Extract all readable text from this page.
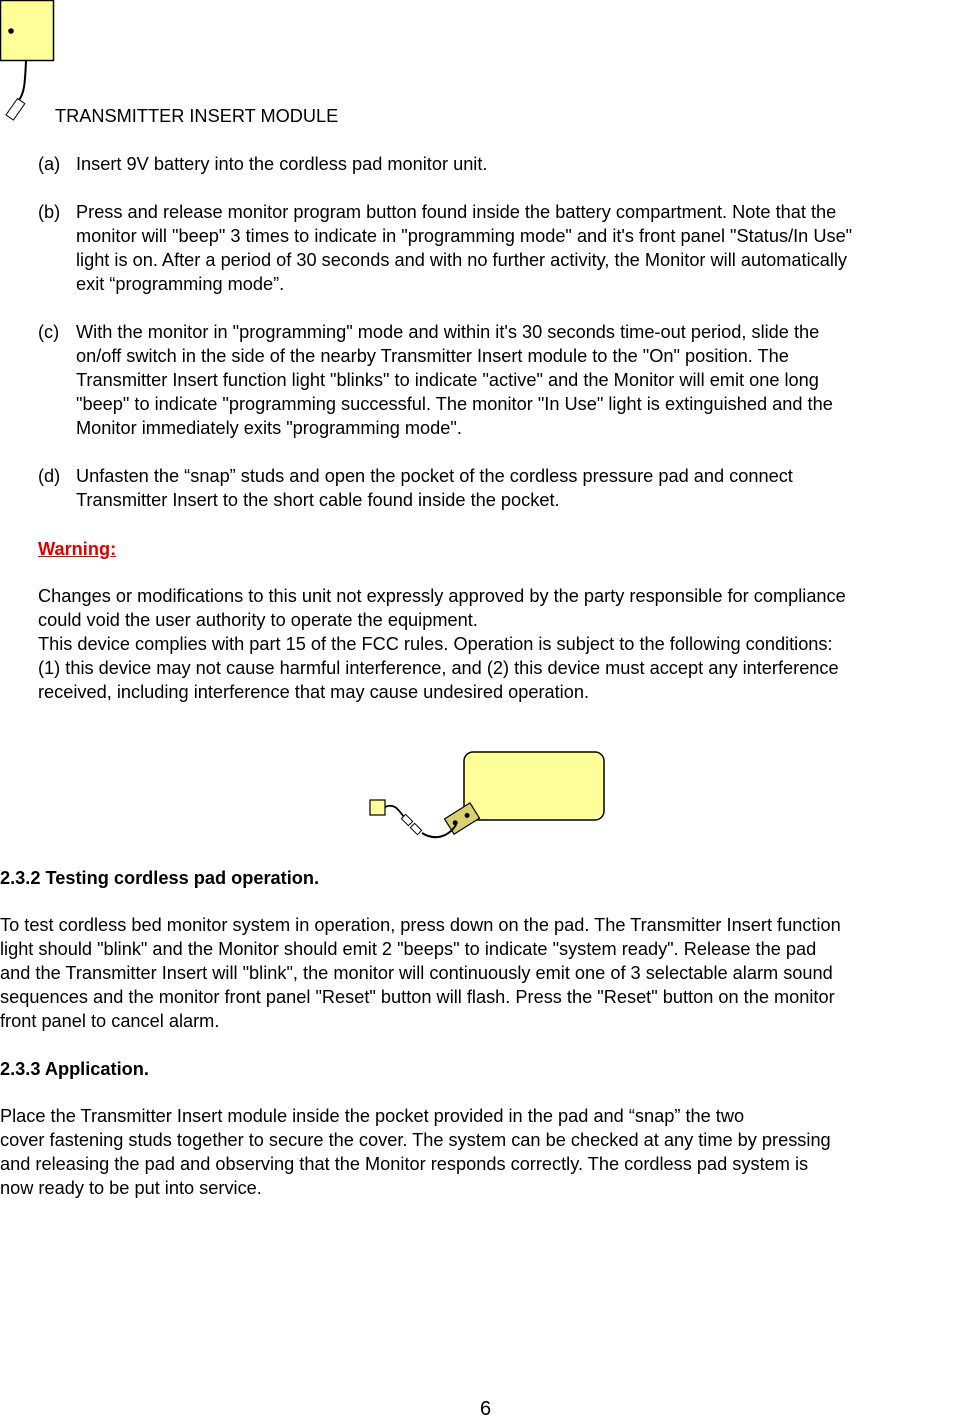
TRANSMITTER INSERT MODULE
(a) Insert 9V battery into the cordless pad monitor unit.
(b) Press and release monitor program button found inside the battery compartment. Note that the
monitor will "beep" 3 times to indicate in "programming mode" and it's front panel "Status/In Use"
light is on. After a period of 30 seconds and with no further activity, the Monitor will automatically
exit “programming mode”.
(c) With the monitor in "programming" mode and within it's 30 seconds time-out period, slide the
on/off switch in the side of the nearby Transmitter Insert module to the "On" position. The
Transmitter Insert function light "blinks" to indicate "active" and the Monitor will emit one long
"beep" to indicate "programming successful. The monitor "In Use" light is extinguished and the
Monitor immediately exits "programming mode".
(d) Unfasten the “snap” studs and open the pocket of the cordless pressure pad and connect
Transmitter Insert to the short cable found inside the pocket.
Warning:
Changes or modifications to this unit not expressly approved by the party responsible for compliance
could void the user authority to operate the equipment.
This device complies with part 15 of the FCC rules. Operation is subject to the following conditions:
(1) this device may not cause harmful interference, and (2) this device must accept any interference
received, including interference that may cause undesired operation.
2.3.2 Testing cordless pad operation.
To test cordless bed monitor system in operation, press down on the pad. The Transmitter Insert function
light should "blink" and the Monitor should emit 2 "beeps" to indicate "system ready". Release the pad
and the Transmitter Insert will "blink", the monitor will continuously emit one of 3 selectable alarm sound
sequences and the monitor front panel "Reset" button will flash. Press the "Reset" button on the monitor
front panel to cancel alarm.
2.3.3 Application.
Place the Transmitter Insert module inside the pocket provided in the pad and “snap” the two
cover fastening studs together to secure the cover. The system can be checked at any time by pressing
and releasing the pad and observing that the Monitor responds correctly. The cordless pad system is
now ready to be put into service.
6
